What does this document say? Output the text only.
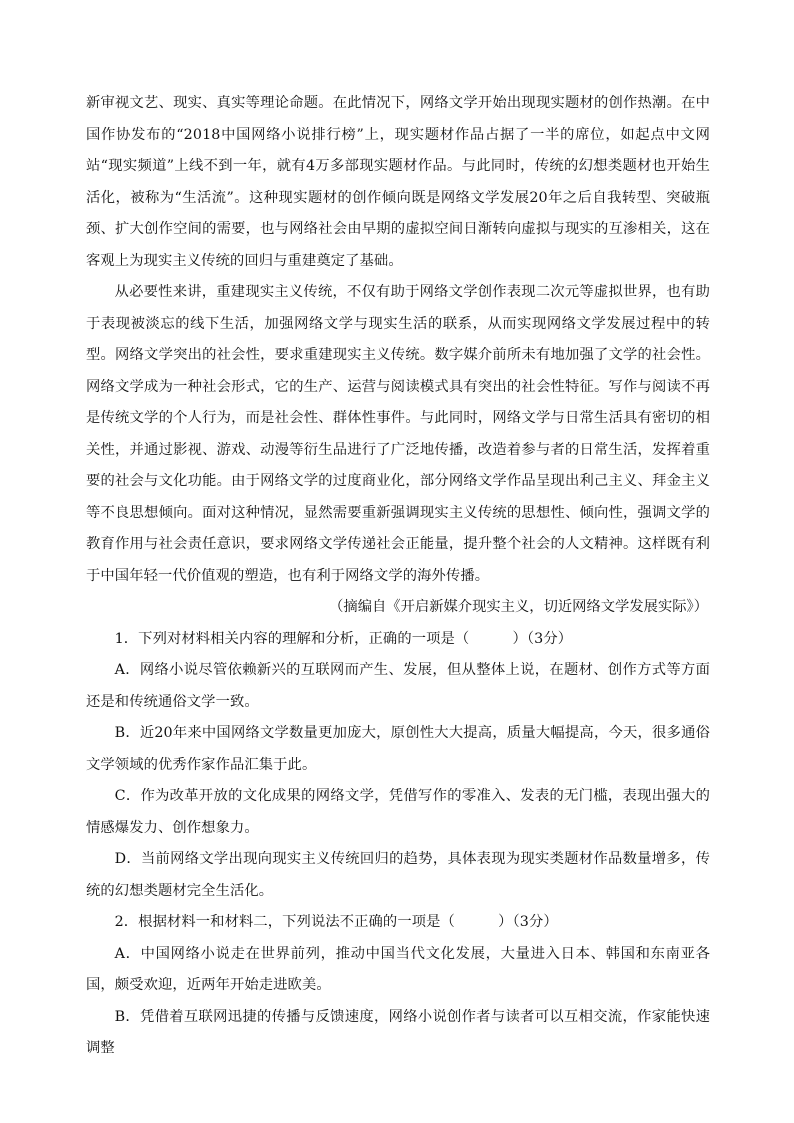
新审视文艺、现实、真实等理论命题。在此情况下，网络文学开始出现现实题材的创作热潮。在中国作协发布的“2018中国网络小说排行榜”上，现实题材作品占据了一半的席位，如起点中文网站“现实频道”上线不到一年，就有4万多部现实题材作品。与此同时，传统的幻想类题材也开始生活化，被称为“生活流”。这种现实题材的创作倾向既是网络文学发展20年之后自我转型、突破瓶颈、扩大创作空间的需要，也与网络社会由早期的虚拟空间日渐转向虚拟与现实的互渗相关，这在客观上为现实主义传统的回归与重建奠定了基础。

从必要性来讲，重建现实主义传统，不仅有助于网络文学创作表现二次元等虚拟世界，也有助于表现被淡忘的线下生活，加强网络文学与现实生活的联系，从而实现网络文学发展过程中的转型。网络文学突出的社会性，要求重建现实主义传统。数字媒介前所未有地加强了文学的社会性。网络文学成为一种社会形式，它的生产、运营与阅读模式具有突出的社会性特征。写作与阅读不再是传统文学的个人行为，而是社会性、群体性事件。与此同时，网络文学与日常生活具有密切的相关性，并通过影视、游戏、动漫等衍生品进行了广泛地传播，改造着参与者的日常生活，发挥着重要的社会与文化功能。由于网络文学的过度商业化，部分网络文学作品呈现出利己主义、拜金主义等不良思想倾向。面对这种情况，显然需要重新强调现实主义传统的思想性、倾向性，强调文学的教育作用与社会责任意识，要求网络文学传递社会正能量，提升整个社会的人文精神。这样既有利于中国年轻一代价值观的塑造，也有利于网络文学的海外传播。

（摘编自《开启新媒介现实主义，切近网络文学发展实际》）

1．下列对材料相关内容的理解和分析，正确的一项是（　　　）（3分）

A．网络小说尽管依赖新兴的互联网而产生、发展，但从整体上说，在题材、创作方式等方面还是和传统通俗文学一致。

B．近20年来中国网络文学数量更加庞大，原创性大大提高，质量大幅提高，今天，很多通俗文学领域的优秀作家作品汇集于此。

C．作为改革开放的文化成果的网络文学，凭借写作的零准入、发表的无门槛，表现出强大的情感爆发力、创作想象力。

D．当前网络文学出现向现实主义传统回归的趋势，具体表现为现实类题材作品数量增多，传统的幻想类题材完全生活化。

2．根据材料一和材料二，下列说法不正确的一项是（　　　）（3分）

A．中国网络小说走在世界前列，推动中国当代文化发展，大量进入日本、韩国和东南亚各国，颇受欢迎，近两年开始走进欧美。

B．凭借着互联网迅捷的传播与反馈速度，网络小说创作者与读者可以互相交流，作家能快速调整
